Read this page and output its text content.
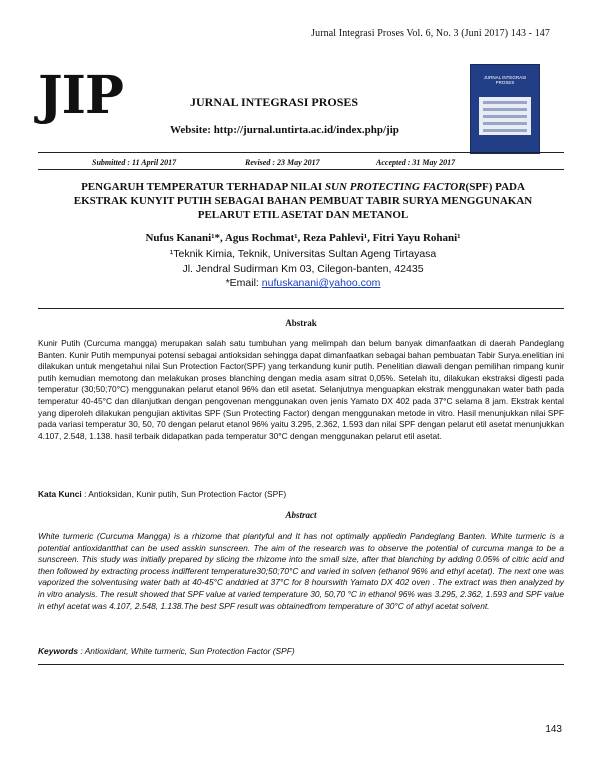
Jurnal Integrasi Proses Vol. 6, No. 3 (Juni 2017) 143 - 147
JIP	JURNAL INTEGRASI PROSES
Website: http://jurnal.untirta.ac.id/index.php/jip
JURNAL INTEGRASI PROSES
Submitted : 11 April 2017	Revised : 23 May 2017	Accepted : 31 May 2017
PENGARUH TEMPERATUR TERHADAP NILAI SUN PROTECTING FACTOR(SPF) PADA EKSTRAK KUNYIT PUTIH SEBAGAI BAHAN PEMBUAT TABIR SURYA MENGGUNAKAN PELARUT ETIL ASETAT DAN METANOL
Nufus Kanani¹*, Agus Rochmat¹, Reza Pahlevi¹, Fitri Yayu Rohani¹
¹Teknik Kimia, Teknik, Universitas Sultan Ageng Tirtayasa
Jl. Jendral Sudirman Km 03, Cilegon-banten, 42435
*Email: nufuskanani@yahoo.com
Abstrak
Kunir Putih (Curcuma mangga) merupakan salah satu tumbuhan yang melimpah dan belum banyak dimanfaatkan di daerah Pandeglang Banten. Kunir Putih mempunyai potensi sebagai antioksidan sehingga dapat dimanfaatkan sebagai bahan pembuatan Tabir Surya.enelitian ini dilakukan untuk mengetahui nilai Sun Protection Factor(SPF) yang terkandung kunir putih. Penelitian diawali dengan pemilihan rimpang kunir putih kemudian memotong dan melakukan proses blanching dengan media asam sitrat 0,05%. Setelah itu, dilakukan ekstraksi digesti pada temperatur (30;50;70°C) menggunakan pelarut etanol 96% dan etil asetat. Selanjutnya menguapkan ekstrak menggunakan water bath pada temperatur 40-45°C dan dilanjutkan dengan pengovenan menggunakan oven jenis Yamato DX 402 pada 37°C selama 8 jam. Ekstrak kental yang diperoleh dilakukan pengujian aktivitas SPF (Sun Protecting Factor) dengan menggunakan metode in vitro. Hasil menunjukkan nilai SPF pada variasi temperatur 30, 50, 70 dengan pelarut etanol 96% yaitu 3.295, 2.362, 1.593 dan nilai SPF dengan pelarut etil asetat menunjukkan 4.107, 2.548, 1.138. hasil terbaik didapatkan pada temperatur 30°C dengan menggunakan pelarut etil asetat.
Kata Kunci : Antioksidan, Kunir putih, Sun Protection Factor (SPF)
Abstract
White turmeric (Curcuma Mangga) is a rhizome that plantyful and It has not optimally appliedin Pandeglang Banten. White turmeric is a potential antioxidantthat can be used asskin sunscreen. The aim of the research was to observe the potential of curcuma manga to be a sunscreen. This study was initially prepared by slicing the rhizome into the small size, after that blanching by adding 0.05% of citric acid and then followed by extracting process indifferent temperature30;50;70°C and varied in solven (ethanol 96% and ethyl acetat). The next one was vaporized the solventusing water bath at 40-45°C anddried at 37°C for 8 hourswith Yamato DX 402 oven . The extract was then analyzed by in vitro analysis. The result showed that SPF value at varied temperature 30, 50,70 °C in ethanol 96% was 3.295, 2.362, 1.593 and SPF value in ethyl acetat was 4.107, 2.548, 1.138.The best SPF result was obtainedfrom temperature of 30°C of athyl acetat solvent.
Keywords : Antioxidant, White turmeric, Sun Protection Factor (SPF)
143
